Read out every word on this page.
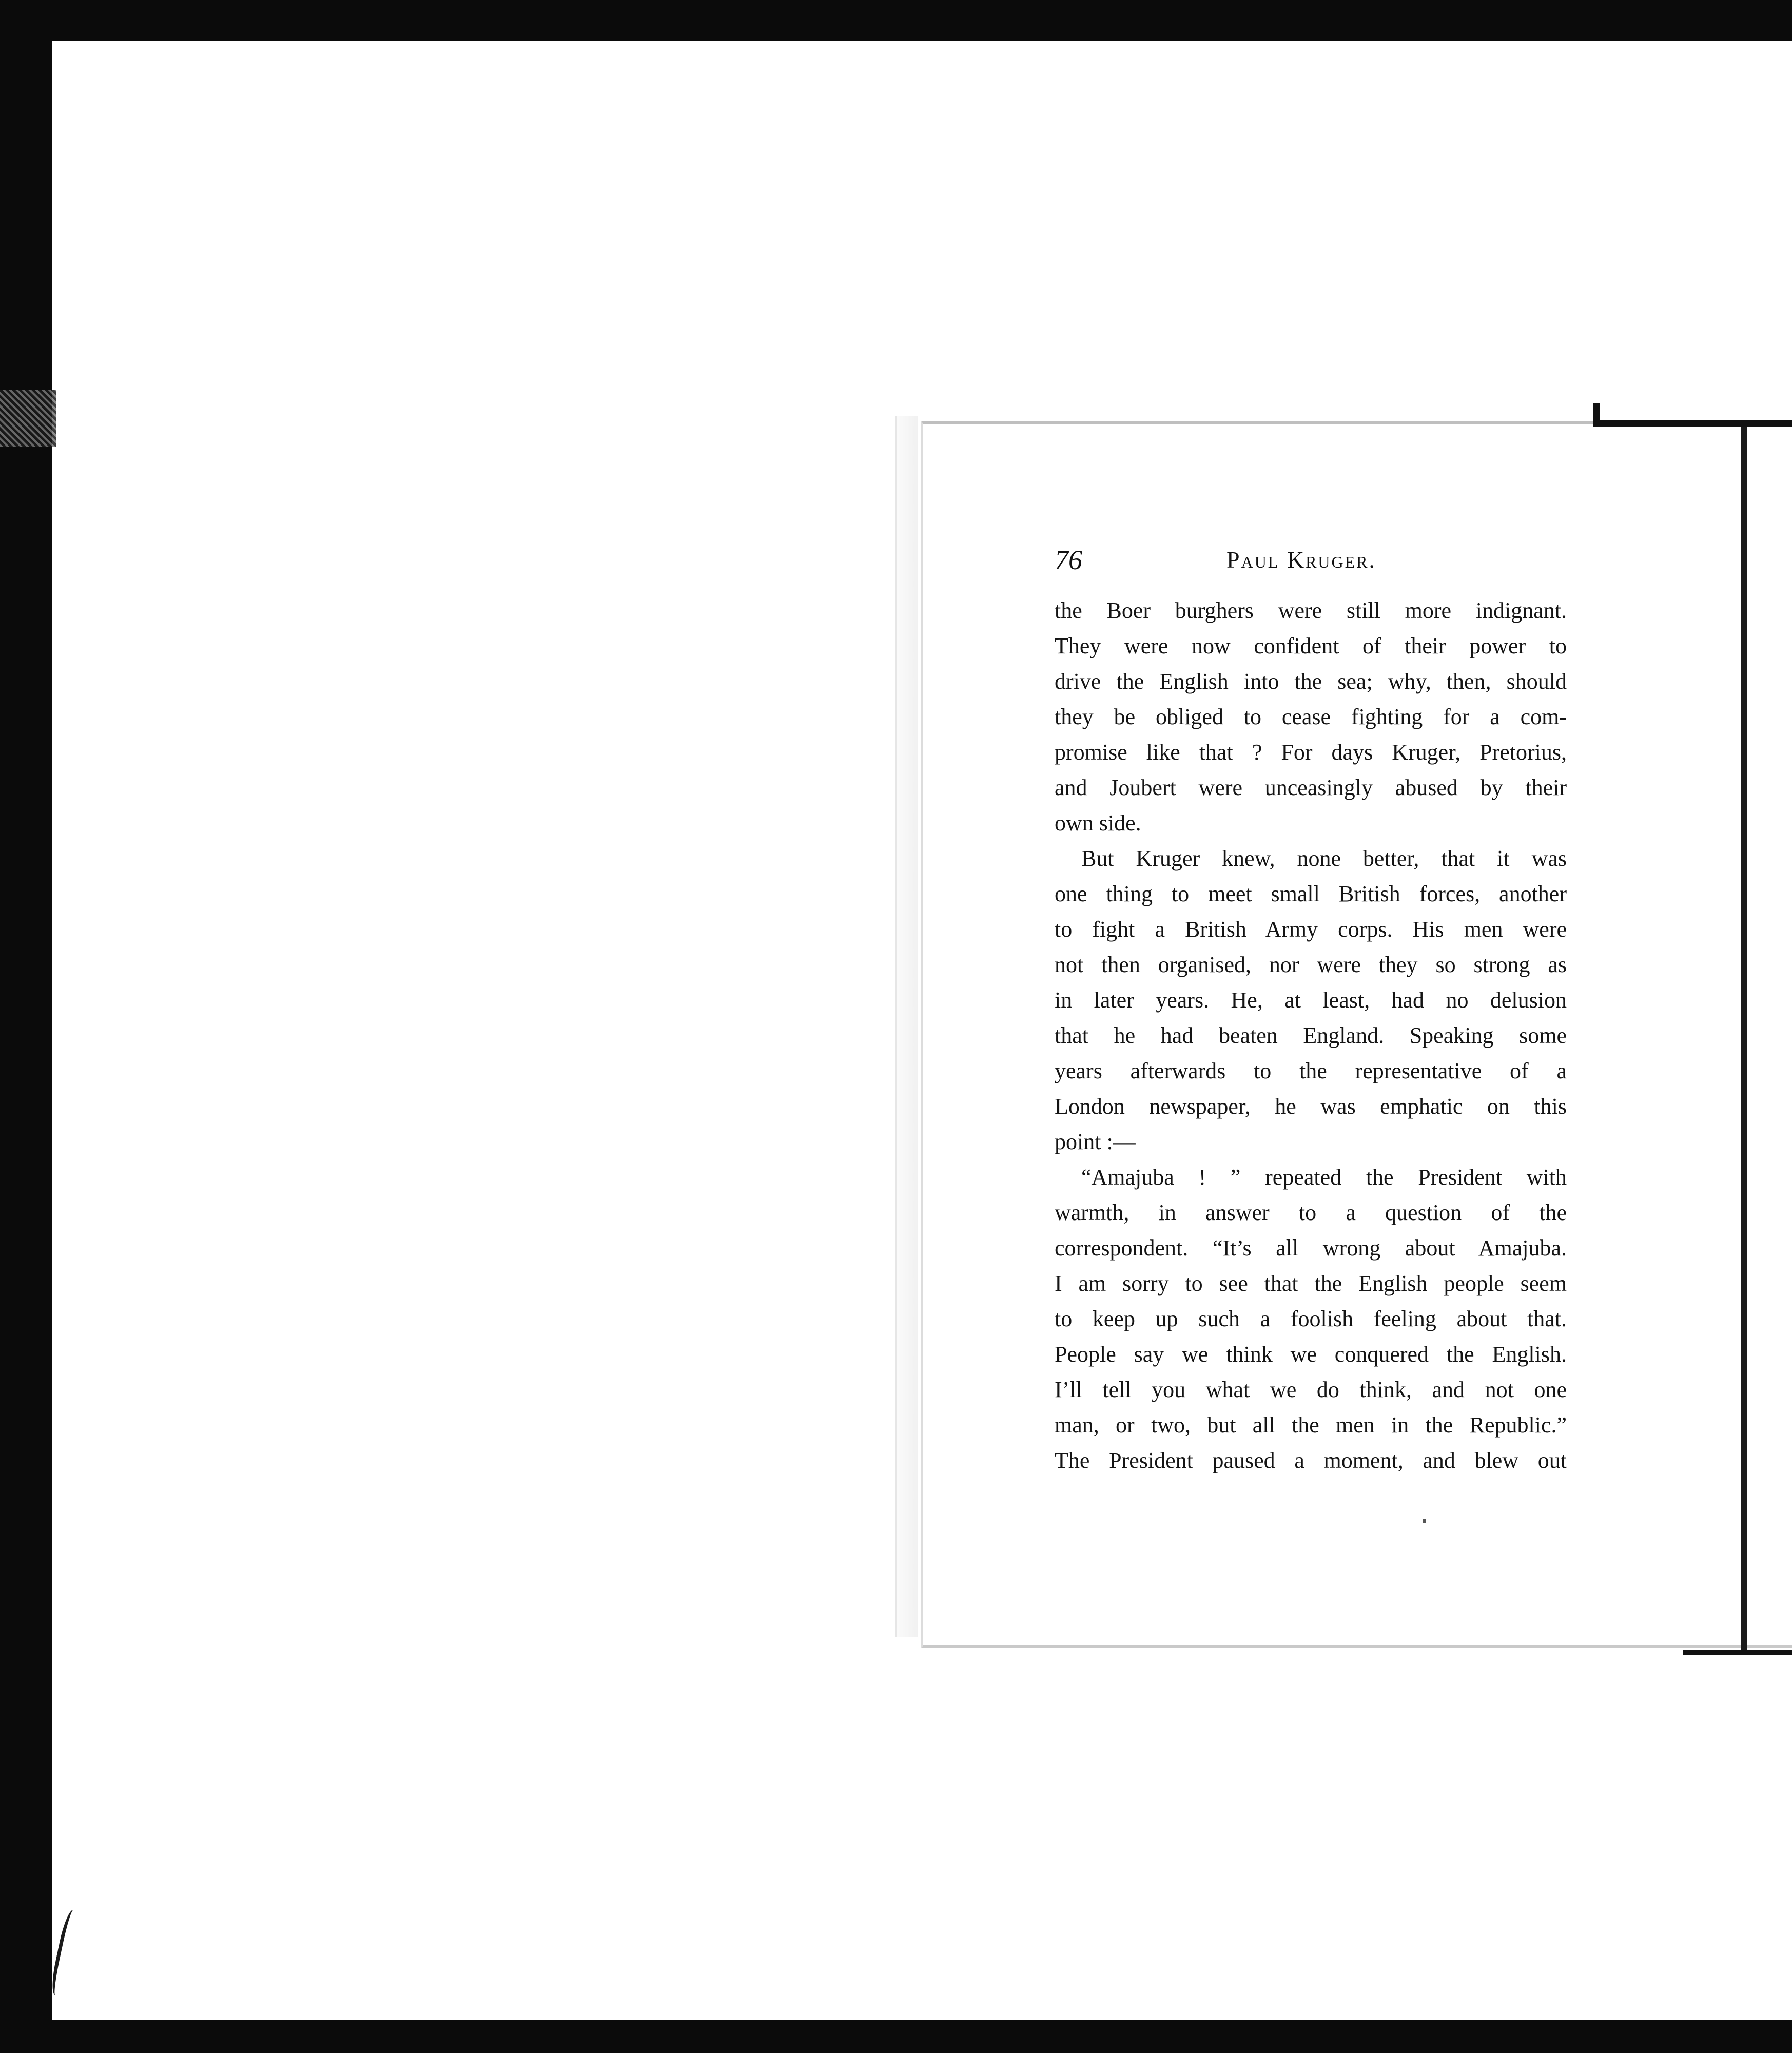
76	Paul Kruger.
the Boer burghers were still more indignant.
They were now confident of their power to
drive the English into the sea; why, then, should
they be obliged to cease fighting for a com-
promise like that ? For days Kruger, Pretorius,
and Joubert were unceasingly abused by their
own side.
But Kruger knew, none better, that it was
one thing to meet small British forces, another
to fight a British Army corps. His men were
not then organised, nor were they so strong as
in later years. He, at least, had no delusion
that he had beaten England. Speaking some
years afterwards to the representative of a
London newspaper, he was emphatic on this
point :—
“Amajuba ! ” repeated the President with
warmth, in answer to a question of the
correspondent. “It’s all wrong about Amajuba.
I am sorry to see that the English people seem
to keep up such a foolish feeling about that.
People say we think we conquered the English.
I’ll tell you what we do think, and not one
man, or two, but all the men in the Republic.”
The President paused a moment, and blew out
